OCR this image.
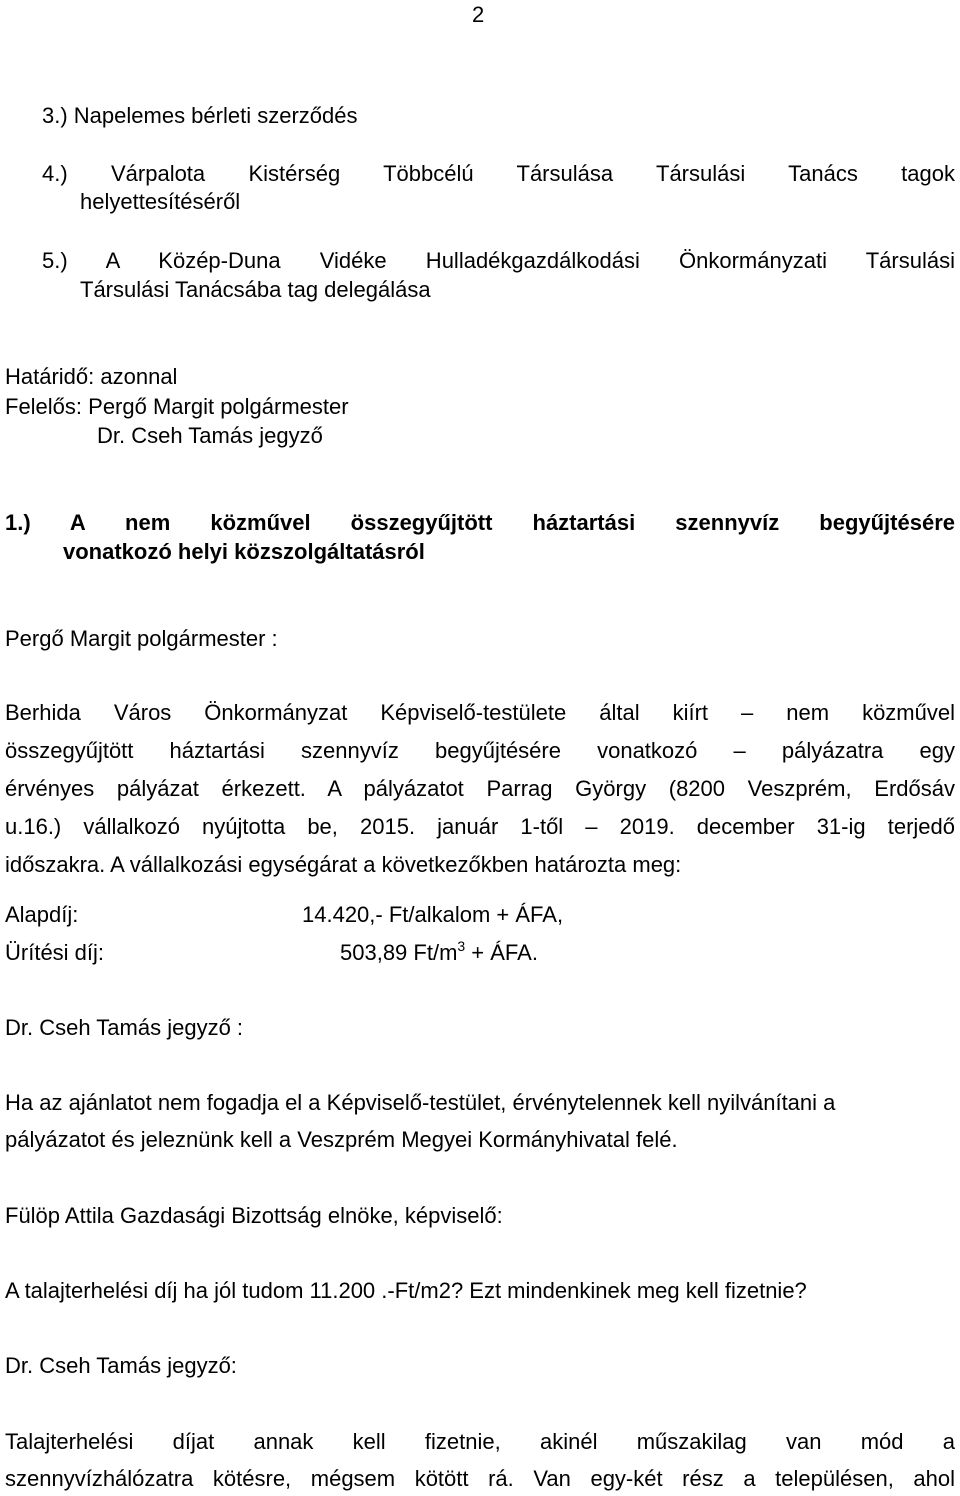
2
3.) Napelemes bérleti szerződés
4.) Várpalota Kistérség Többcélú Társulása Társulási Tanács tagok
helyettesítéséről
5.) A Közép-Duna Vidéke Hulladékgazdálkodási Önkormányzati Társulási
Társulási Tanácsába tag delegálása
Határidő: azonnal
Felelős: Pergő Margit polgármester
Dr. Cseh Tamás jegyző
1.) A nem közművel összegyűjtött háztartási szennyvíz begyűjtésére
vonatkozó helyi közszolgáltatásról
Pergő Margit polgármester :
Berhida Város Önkormányzat Képviselő-testülete által kiírt – nem közművel
összegyűjtött háztartási szennyvíz begyűjtésére vonatkozó – pályázatra egy
érvényes pályázat érkezett. A pályázatot Parrag György (8200 Veszprém, Erdősáv
u.16.) vállalkozó nyújtotta be, 2015. január 1-től – 2019. december 31-ig terjedő
időszakra. A vállalkozási egységárat a következőkben határozta meg:
Alapdíj:	14.420,- Ft/alkalom + ÁFA,
Ürítési díj:	503,89 $Ft/m^3$ + ÁFA.
Dr. Cseh Tamás jegyző :
Ha az ajánlatot nem fogadja el a Képviselő-testület, érvénytelennek kell nyilvánítani a
pályázatot és jeleznünk kell a Veszprém Megyei Kormányhivatal felé.
Fülöp Attila Gazdasági Bizottság elnöke, képviselő:
A talajterhelési díj ha jól tudom 11.200 .-Ft/m2? Ezt mindenkinek meg kell fizetnie?
Dr. Cseh Tamás jegyző:
Talajterhelési díjat annak kell fizetnie, akinél műszakilag van mód a
szennyvízhálózatra kötésre, mégsem kötött rá. Van egy-két rész a településen, ahol
